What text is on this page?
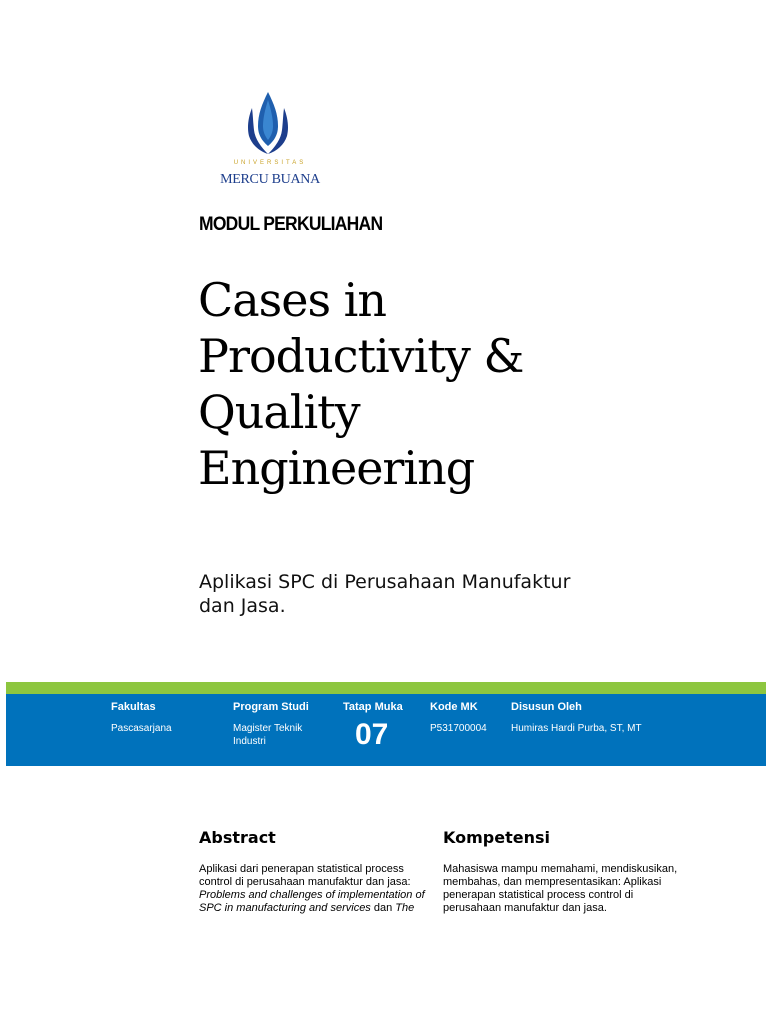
UNIVERSITAS
MERCU BUANA
MODUL PERKULIAHAN
Cases in
Productivity &
Quality
Engineering
Aplikasi SPC di Perusahaan Manufaktur
dan Jasa.
Fakultas
Pascasarjana
Program Studi
Magister Teknik
Industri
Tatap Muka
07
Kode MK
P531700004
Disusun Oleh
Humiras Hardi Purba, ST, MT
Abstract
Aplikasi dari penerapan statistical process control di perusahaan manufaktur dan jasa: Problems and challenges of implementation of SPC in manufacturing and services dan The
Kompetensi
Mahasiswa mampu memahami, mendiskusikan, membahas, dan mempresentasikan: Aplikasi penerapan statistical process control di perusahaan manufaktur dan jasa.
